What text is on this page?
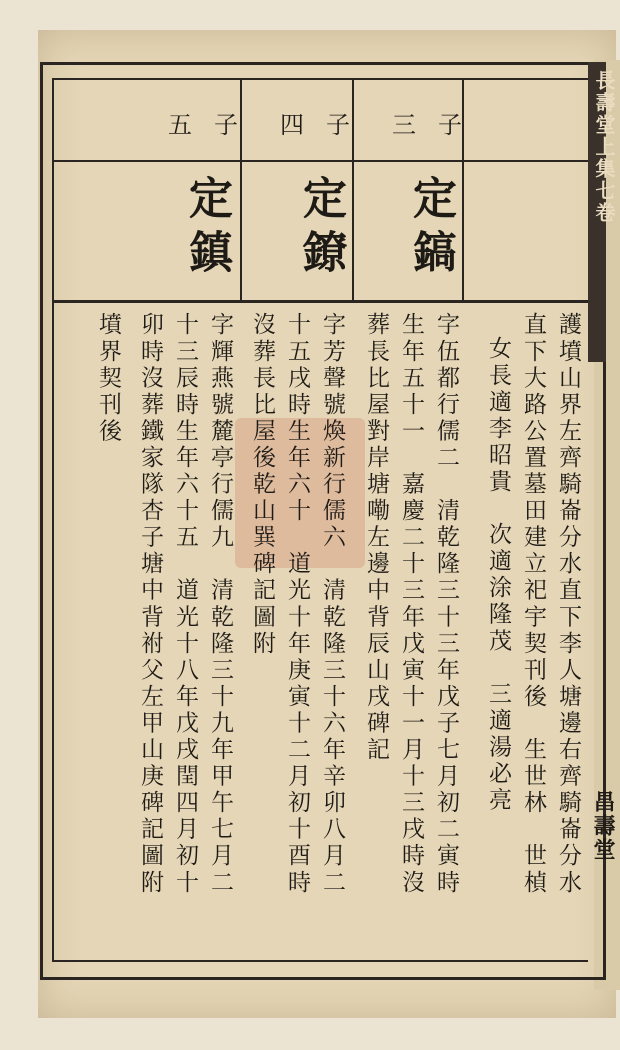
長壽堂上集七卷
昌壽堂
三子
四子
五子
定鎬
定鐐
定鎮
護墳山界左齊騎崙分水直下李人塘邊右齊騎崙分水
直下大路公置墓田建立祀宇契刊後　生世林　世楨
女長適李昭貴　次適涂隆茂　三適湯必亮
字伍都行儒二　清乾隆三十三年戊子七月初二寅時
生年五十一　嘉慶二十三年戊寅十一月十三戌時沒
葬長比屋對岸塘嘞左邊中背辰山戌碑記
字芳聲號煥新行儒六　清乾隆三十六年辛卯八月二
十五戌時生年六十　道光十年庚寅十二月初十酉時
沒葬長比屋後乾山巽碑記圖附
字輝燕號麓亭行儒九　清乾隆三十九年甲午七月二
十三辰時生年六十五　道光十八年戊戌閏四月初十
卯時沒葬鐵家隊杏子塘中背祔父左甲山庚碑記圖附
墳界契刊後
